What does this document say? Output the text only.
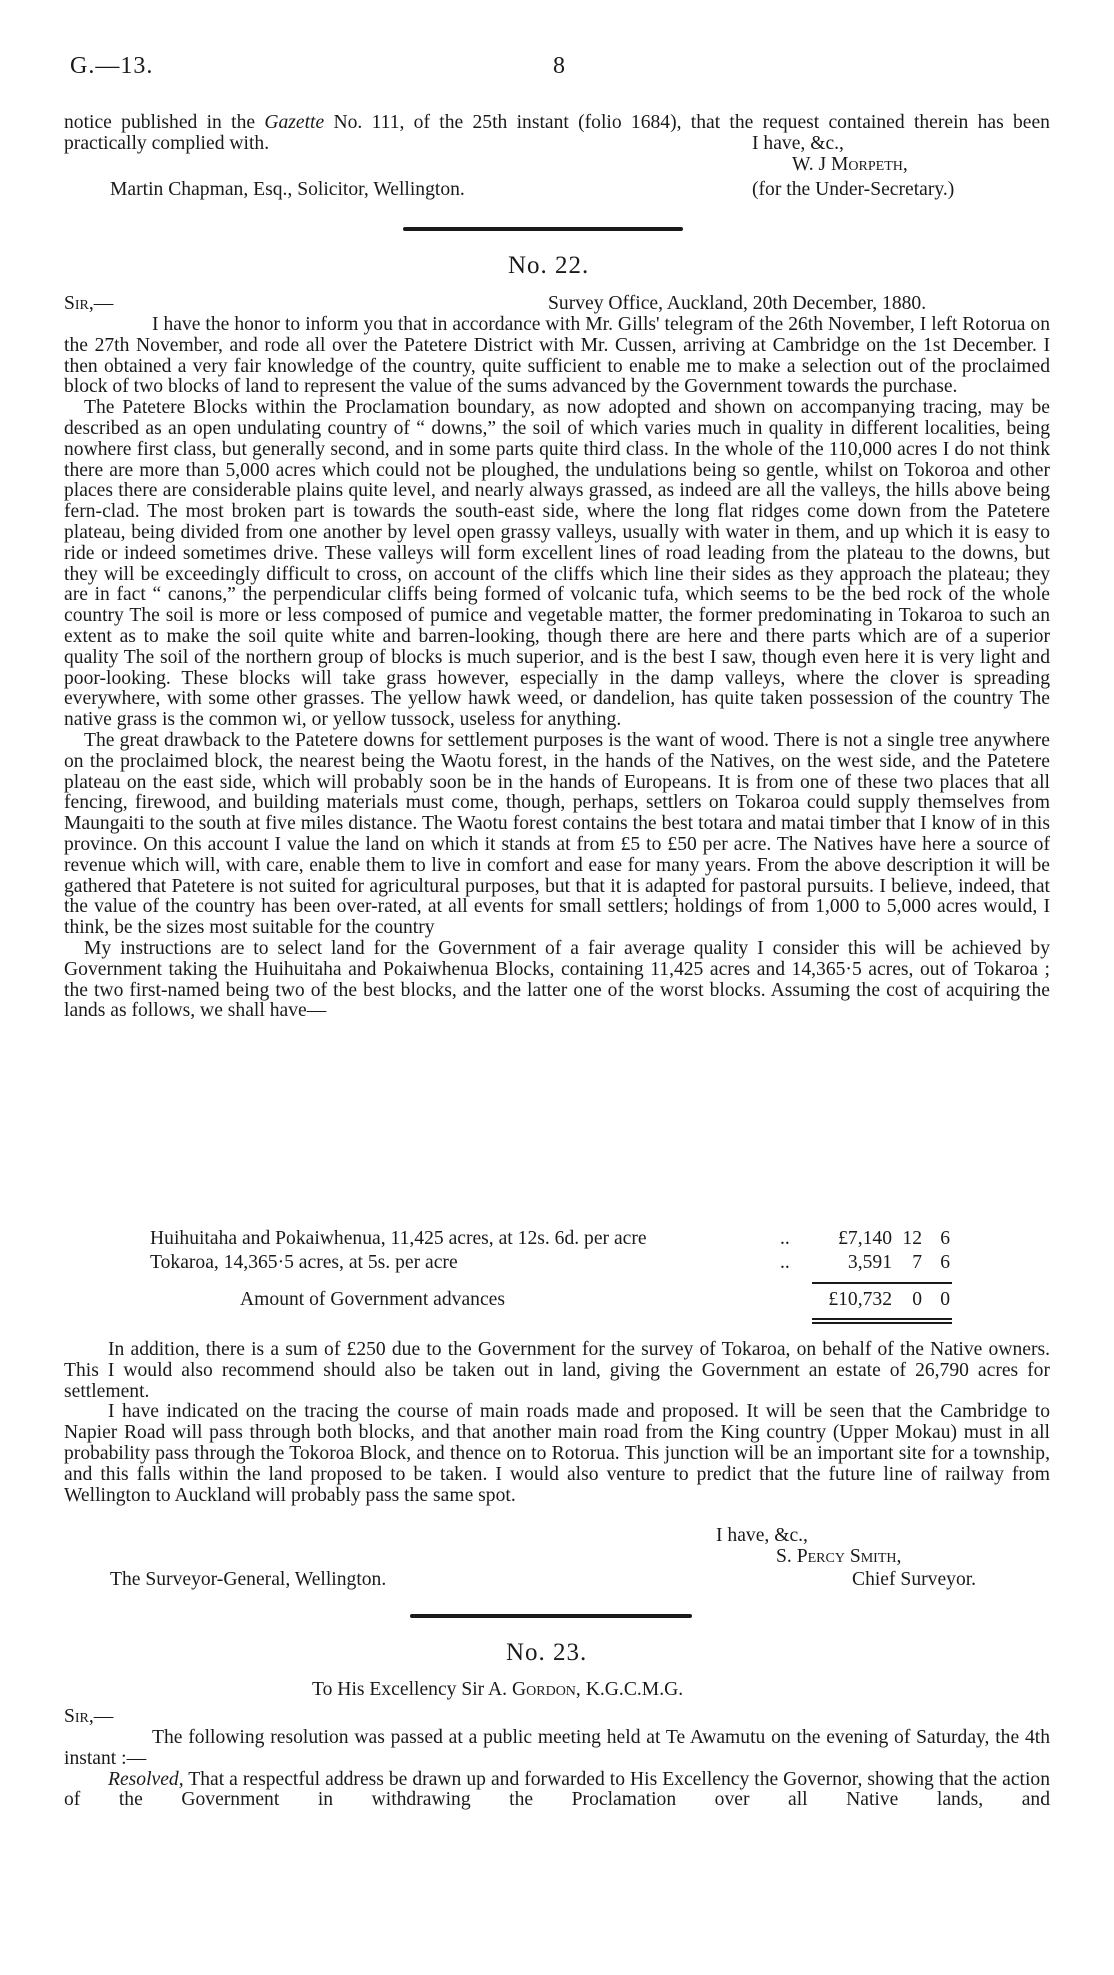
G.—13.	8

notice published in the Gazette No. 111, of the 25th instant (folio 1684), that the request contained therein has been practically complied with.	I have, &c.,
W. J Morpeth,
Martin Chapman, Esq., Solicitor, Wellington.	(for the Under-Secretary.)
No. 22.
Sir,—	Survey Office, Auckland, 20th December, 1880.

I have the honor to inform you that in accordance with Mr. Gills' telegram of the 26th November, I left Rotorua on the 27th November, and rode all over the Patetere District with Mr. Cussen, arriving at Cambridge on the 1st December. I then obtained a very fair knowledge of the country, quite sufficient to enable me to make a selection out of the proclaimed block of two blocks of land to represent the value of the sums advanced by the Government towards the purchase.

The Patetere Blocks within the Proclamation boundary, as now adopted and shown on accompanying tracing, may be described as an open undulating country of “ downs,” the soil of which varies much in quality in different localities, being nowhere first class, but generally second, and in some parts quite third class. In the whole of the 110,000 acres I do not think there are more than 5,000 acres which could not be ploughed, the undulations being so gentle, whilst on Tokoroa and other places there are considerable plains quite level, and nearly always grassed, as indeed are all the valleys, the hills above being fern-clad. The most broken part is towards the south-east side, where the long flat ridges come down from the Patetere plateau, being divided from one another by level open grassy valleys, usually with water in them, and up which it is easy to ride or indeed sometimes drive. These valleys will form excellent lines of road leading from the plateau to the downs, but they will be exceedingly difficult to cross, on account of the cliffs which line their sides as they approach the plateau; they are in fact “ canons,” the perpendicular cliffs being formed of volcanic tufa, which seems to be the bed rock of the whole country The soil is more or less composed of pumice and vegetable matter, the former predominating in Tokaroa to such an extent as to make the soil quite white and barren-looking, though there are here and there parts which are of a superior quality The soil of the northern group of blocks is much superior, and is the best I saw, though even here it is very light and poor-looking. These blocks will take grass however, especially in the damp valleys, where the clover is spreading everywhere, with some other grasses. The yellow hawk weed, or dandelion, has quite taken possession of the country The native grass is the common wi, or yellow tussock, useless for anything.

The great drawback to the Patetere downs for settlement purposes is the want of wood. There is not a single tree anywhere on the proclaimed block, the nearest being the Waotu forest, in the hands of the Natives, on the west side, and the Patetere plateau on the east side, which will probably soon be in the hands of Europeans. It is from one of these two places that all fencing, firewood, and building materials must come, though, perhaps, settlers on Tokaroa could supply themselves from Maungaiti to the south at five miles distance. The Waotu forest contains the best totara and matai timber that I know of in this province. On this account I value the land on which it stands at from £5 to £50 per acre. The Natives have here a source of revenue which will, with care, enable them to live in comfort and ease for many years. From the above description it will be gathered that Patetere is not suited for agricultural purposes, but that it is adapted for pastoral pursuits. I believe, indeed, that the value of the country has been over-rated, at all events for small settlers; holdings of from 1,000 to 5,000 acres would, I think, be the sizes most suitable for the country

My instructions are to select land for the Government of a fair average quality I consider this will be achieved by Government taking the Huihuitaha and Pokaiwhenua Blocks, containing 11,425 acres and 14,365·5 acres, out of Tokaroa ; the two first-named being two of the best blocks, and the latter one of the worst blocks. Assuming the cost of acquiring the lands as follows, we shall have—

Huihuitaha and Pokaiwhenua, 11,425 acres, at 12s. 6d. per acre	..	£7,140 12 6
Tokaroa, 14,365·5 acres, at 5s. per acre	..	3,591	7 6
Amount of Government advances	£10,732	0 0

In addition, there is a sum of £250 due to the Government for the survey of Tokaroa, on behalf of the Native owners. This I would also recommend should also be taken out in land, giving the Government an estate of 26,790 acres for settlement.

I have indicated on the tracing the course of main roads made and proposed. It will be seen that the Cambridge to Napier Road will pass through both blocks, and that another main road from the King country (Upper Mokau) must in all probability pass through the Tokoroa Block, and thence on to Rotorua. This junction will be an important site for a township, and this falls within the land proposed to be taken. I would also venture to predict that the future line of railway from Wellington to Auckland will probably pass the same spot.

I have, &c.,
S. Percy Smith,
The Surveyor-General, Wellington.	Chief Surveyor.
No. 23.
To His Excellency Sir A. Gordon, K.G.C.M.G.
Sir,—

The following resolution was passed at a public meeting held at Te Awamutu on the evening of Saturday, the 4th instant :—

Resolved, That a respectful address be drawn up and forwarded to His Excellency the Governor, showing that the action of the Government in withdrawing the Proclamation over all Native lands, and
